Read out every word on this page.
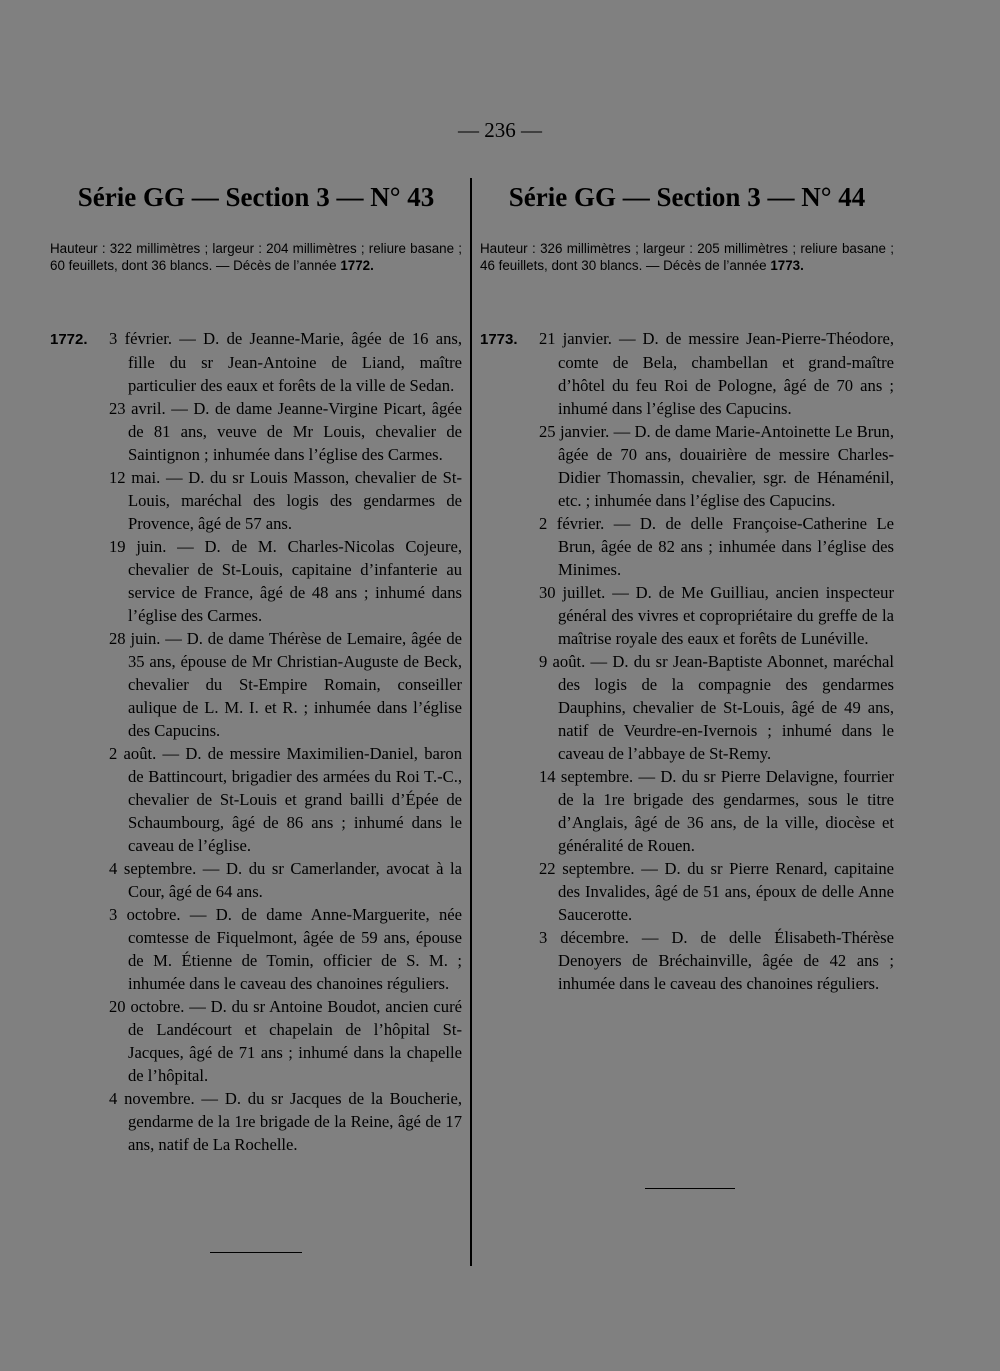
— 236 —
Série GG — Section 3 — N° 43
Hauteur : 322 millimètres ; largeur : 204 millimètres ; reliure basane ; 60 feuillets, dont 36 blancs. — Décès de l’année 1772.

1772. 3 février. — D. de Jeanne-Marie, âgée de 16 ans, fille du sr Jean-Antoine de Liand, maître particulier des eaux et forêts de la ville de Sedan.

23 avril. — D. de dame Jeanne-Virgine Picart, âgée de 81 ans, veuve de Mr Louis, chevalier de Saintignon ; inhumée dans l’église des Carmes.

12 mai. — D. du sr Louis Masson, chevalier de St-Louis, maréchal des logis des gendarmes de Provence, âgé de 57 ans.

19 juin. — D. de M. Charles-Nicolas Cojeure, chevalier de St-Louis, capitaine d’infanterie au service de France, âgé de 48 ans ; inhumé dans l’église des Carmes.

28 juin. — D. de dame Thérèse de Lemaire, âgée de 35 ans, épouse de Mr Christian-Auguste de Beck, chevalier du St-Empire Romain, conseiller aulique de L. M. I. et R. ; inhumée dans l’église des Capucins.

2 août. — D. de messire Maximilien-Daniel, baron de Battincourt, brigadier des armées du Roi T.-C., chevalier de St-Louis et grand bailli d’Épée de Schaumbourg, âgé de 86 ans ; inhumé dans le caveau de l’église.

4 septembre. — D. du sr Camerlander, avocat à la Cour, âgé de 64 ans.

3 octobre. — D. de dame Anne-Marguerite, née comtesse de Fiquelmont, âgée de 59 ans, épouse de M. Étienne de Tomin, officier de S. M. ; inhumée dans le caveau des chanoines réguliers.

20 octobre. — D. du sr Antoine Boudot, ancien curé de Landécourt et chapelain de l’hôpital St-Jacques, âgé de 71 ans ; inhumé dans la chapelle de l’hôpital.

4 novembre. — D. du sr Jacques de la Boucherie, gendarme de la 1re brigade de la Reine, âgé de 17 ans, natif de La Rochelle.

Série GG — Section 3 — N° 44
Hauteur : 326 millimètres ; largeur : 205 millimètres ; reliure basane ; 46 feuillets, dont 30 blancs. — Décès de l’année 1773.

1773. 21 janvier. — D. de messire Jean-Pierre-Théodore, comte de Bela, chambellan et grand-maître d’hôtel du feu Roi de Pologne, âgé de 70 ans ; inhumé dans l’église des Capucins.

25 janvier. — D. de dame Marie-Antoinette Le Brun, âgée de 70 ans, douairière de messire Charles-Didier Thomassin, chevalier, sgr. de Hénaménil, etc. ; inhumée dans l’église des Capucins.

2 février. — D. de delle Françoise-Catherine Le Brun, âgée de 82 ans ; inhumée dans l’église des Minimes.

30 juillet. — D. de Me Guilliau, ancien inspecteur général des vivres et copropriétaire du greffe de la maîtrise royale des eaux et forêts de Lunéville.

9 août. — D. du sr Jean-Baptiste Abonnet, maréchal des logis de la compagnie des gendarmes Dauphins, chevalier de St-Louis, âgé de 49 ans, natif de Veurdre-en-Ivernois ; inhumé dans le caveau de l’abbaye de St-Remy.

14 septembre. — D. du sr Pierre Delavigne, fourrier de la 1re brigade des gendarmes, sous le titre d’Anglais, âgé de 36 ans, de la ville, diocèse et généralité de Rouen.

22 septembre. — D. du sr Pierre Renard, capitaine des Invalides, âgé de 51 ans, époux de delle Anne Saucerotte.

3 décembre. — D. de delle Élisabeth-Thérèse Denoyers de Bréchainville, âgée de 42 ans ; inhumée dans le caveau des chanoines réguliers.
